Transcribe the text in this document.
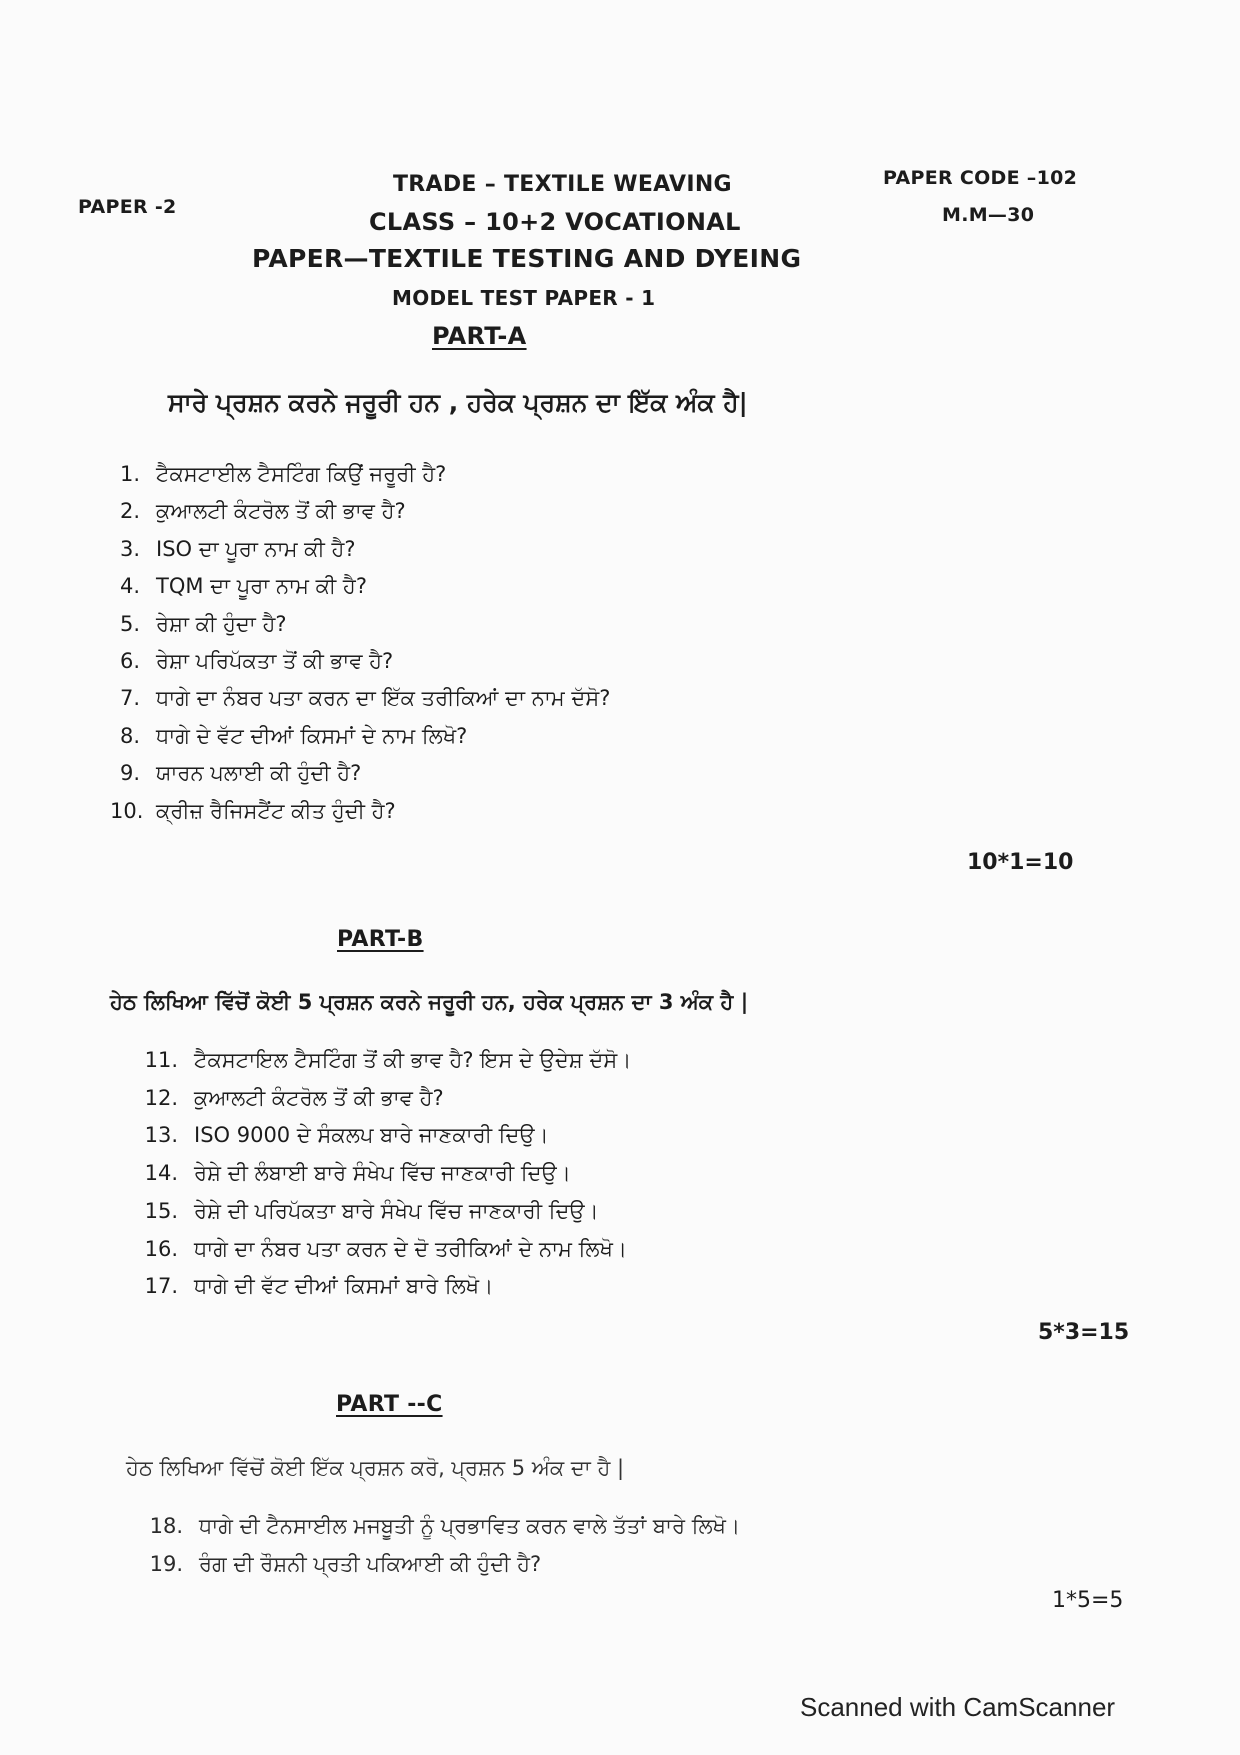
PAPER -2
TRADE – TEXTILE WEAVING
CLASS – 10+2 VOCATIONAL
PAPER—TEXTILE TESTING AND DYEING
MODEL TEST PAPER - 1
PAPER CODE –102
M.M—30
PART-A
ਸਾਰੇ ਪ੍ਰਸ਼ਨ ਕਰਨੇ ਜਰੂਰੀ ਹਨ , ਹਰੇਕ ਪ੍ਰਸ਼ਨ ਦਾ ਇੱਕ ਅੰਕ ਹੈ|
1. ਟੈਕਸਟਾਈਲ ਟੈਸਟਿੰਗ ਕਿਉਂ ਜਰੂਰੀ ਹੈ?
2. ਕੁਆਲਟੀ ਕੰਟਰੋਲ ਤੋਂ ਕੀ ਭਾਵ ਹੈ?
3. ISO ਦਾ ਪੂਰਾ ਨਾਮ ਕੀ ਹੈ?
4. TQM ਦਾ ਪੂਰਾ ਨਾਮ ਕੀ ਹੈ?
5. ਰੇਸ਼ਾ ਕੀ ਹੁੰਦਾ ਹੈ?
6. ਰੇਸ਼ਾ ਪਰਿਪੱਕਤਾ ਤੋਂ ਕੀ ਭਾਵ ਹੈ?
7. ਧਾਗੇ ਦਾ ਨੰਬਰ ਪਤਾ ਕਰਨ ਦਾ ਇੱਕ ਤਰੀਕਿਆਂ ਦਾ ਨਾਮ ਦੱਸੋ?
8. ਧਾਗੇ ਦੇ ਵੱਟ ਦੀਆਂ ਕਿਸਮਾਂ ਦੇ ਨਾਮ ਲਿਖੋ?
9. ਯਾਰਨ ਪਲਾਈ ਕੀ ਹੁੰਦੀ ਹੈ?
10. ਕ੍ਰੀਜ਼ ਰੈਜਿਸਟੈਂਟ ਕੀਤ ਹੁੰਦੀ ਹੈ?
10*1=10
PART-B
ਹੇਠ ਲਿਖਿਆ ਵਿੱਚੋਂ ਕੋਈ 5 ਪ੍ਰਸ਼ਨ ਕਰਨੇ ਜਰੂਰੀ ਹਨ, ਹਰੇਕ ਪ੍ਰਸ਼ਨ ਦਾ 3 ਅੰਕ ਹੈ |
11. ਟੈਕਸਟਾਇਲ ਟੈਸਟਿੰਗ ਤੋਂ ਕੀ ਭਾਵ ਹੈ? ਇਸ ਦੇ ਉਦੇਸ਼ ਦੱਸੋ।
12. ਕੁਆਲਟੀ ਕੰਟਰੋਲ ਤੋਂ ਕੀ ਭਾਵ ਹੈ?
13. ISO 9000 ਦੇ ਸੰਕਲਪ ਬਾਰੇ ਜਾਣਕਾਰੀ ਦਿਉ।
14. ਰੇਸ਼ੇ ਦੀ ਲੰਬਾਈ ਬਾਰੇ ਸੰਖੇਪ ਵਿੱਚ ਜਾਣਕਾਰੀ ਦਿਉ।
15. ਰੇਸ਼ੇ ਦੀ ਪਰਿਪੱਕਤਾ ਬਾਰੇ ਸੰਖੇਪ ਵਿੱਚ ਜਾਣਕਾਰੀ ਦਿਉ।
16. ਧਾਗੇ ਦਾ ਨੰਬਰ ਪਤਾ ਕਰਨ ਦੇ ਦੋ ਤਰੀਕਿਆਂ ਦੇ ਨਾਮ ਲਿਖੋ।
17. ਧਾਗੇ ਦੀ ਵੱਟ ਦੀਆਂ ਕਿਸਮਾਂ ਬਾਰੇ ਲਿਖੋ।
5*3=15
PART --C
ਹੇਠ ਲਿਖਿਆ ਵਿੱਚੋਂ ਕੋਈ ਇੱਕ ਪ੍ਰਸ਼ਨ ਕਰੋ, ਪ੍ਰਸ਼ਨ 5 ਅੰਕ ਦਾ ਹੈ |
18. ਧਾਗੇ ਦੀ ਟੈਨਸਾਈਲ ਮਜਬੂਤੀ ਨੂੰ ਪ੍ਰਭਾਵਿਤ ਕਰਨ ਵਾਲੇ ਤੱਤਾਂ ਬਾਰੇ ਲਿਖੋ।
19. ਰੰਗ ਦੀ ਰੌਸ਼ਨੀ ਪ੍ਰਤੀ ਪਕਿਆਈ ਕੀ ਹੁੰਦੀ ਹੈ?
1*5=5
Scanned with CamScanner
